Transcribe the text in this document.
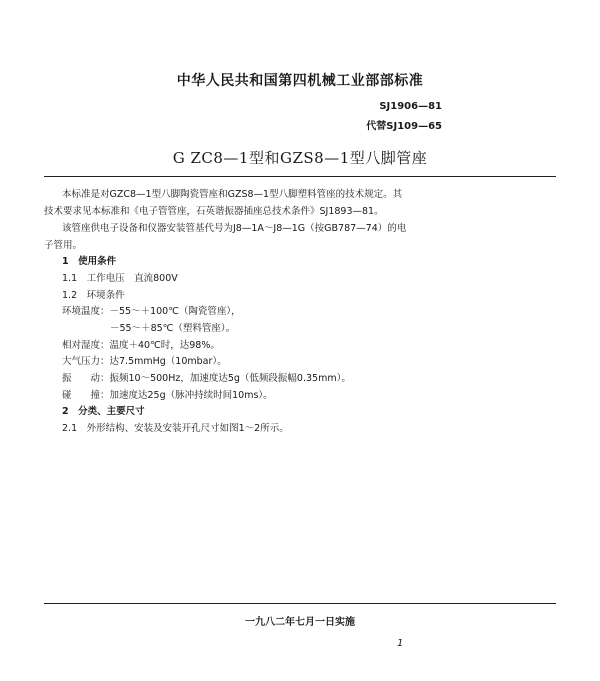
中华人民共和国第四机械工业部部标准
SJ1906—81
代替SJ109—65
G ZC8—1型和GZS8—1型八脚管座
本标准是对GZC8—1型八脚陶瓷管座和GZS8—1型八脚塑料管座的技术规定。其
技术要求见本标准和《电子管管座，石英谐振器插座总技术条件》SJ1893—81。
该管座供电子设备和仪器安装管基代号为J8—1A～J8—1G（按GB787—74）的电
子管用。
1　使用条件
1.1　工作电压　直流800V
1.2　环境条件
环境温度：－55～＋100℃（陶瓷管座），
－55～＋85℃（塑料管座）。
相对湿度：温度＋40℃时，达98%。
大气压力：达7.5mmHg（10mbar）。
振　　动：振频10～500Hz，加速度达5g（低频段振幅0.35mm）。
碰　　撞：加速度达25g（脉冲持续时间10ms）。
2　分类、主要尺寸
2.1　外形结构、安装及安装开孔尺寸如图1～2所示。
一九八二年七月一日实施
1
